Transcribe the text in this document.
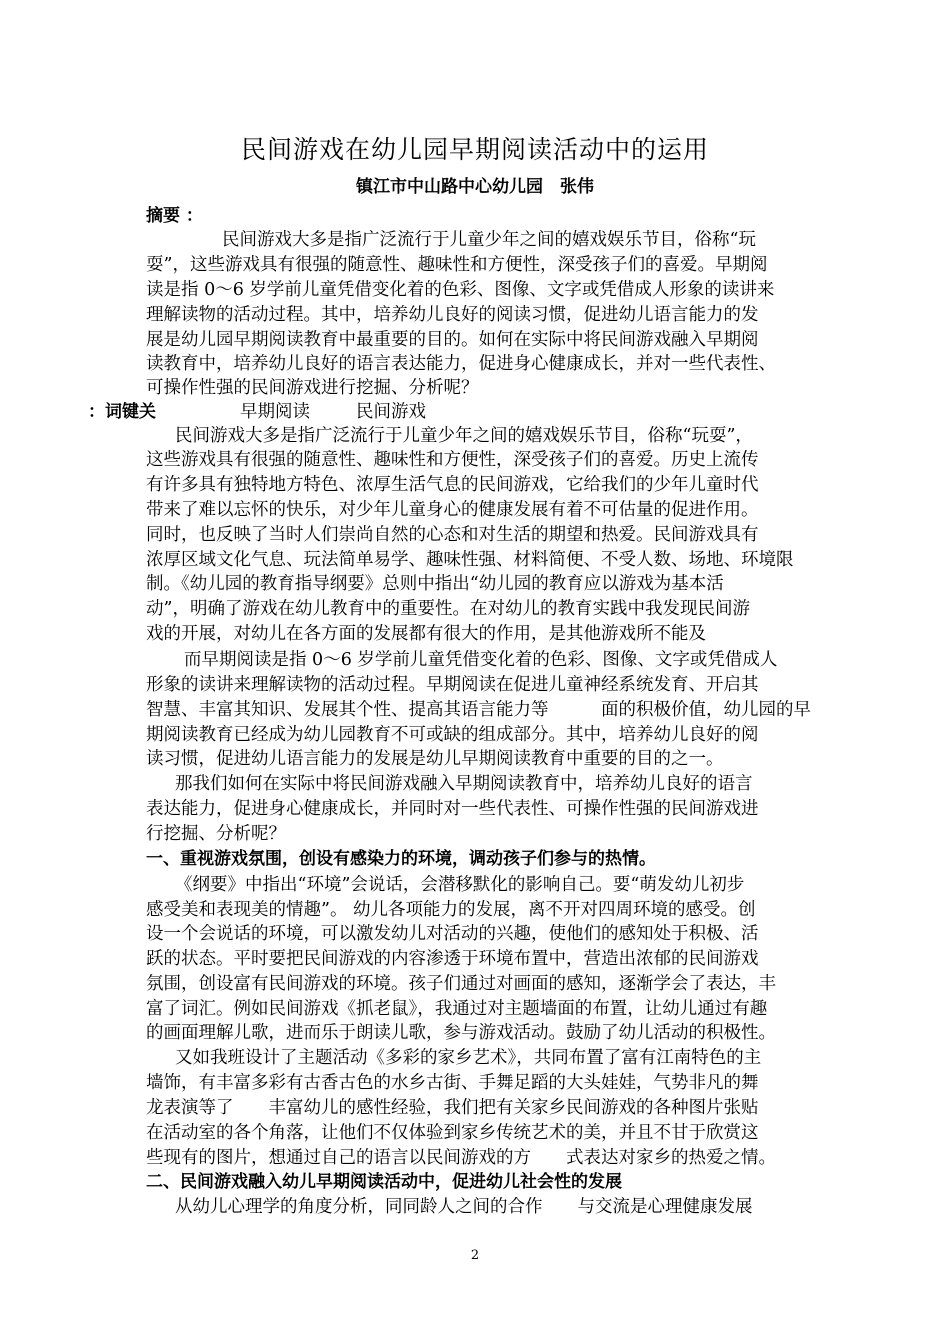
民间游戏在幼儿园早期阅读活动中的运用
镇江市中山路中心幼儿园　张伟
摘要 ：
民间游戏大多是指广泛流行于儿童少年之间的嬉戏娱乐节目，俗称“玩
耍”，这些游戏具有很强的随意性、趣味性和方便性，深受孩子们的喜爱。早期阅
读是指 0～6 岁学前儿童凭借变化着的色彩、图像、文字或凭借成人形象的读讲来
理解读物的活动过程。其中，培养幼儿良好的阅读习惯，促进幼儿语言能力的发
展是幼儿园早期阅读教育中最重要的目的。如何在实际中将民间游戏融入早期阅
读教育中，培养幼儿良好的语言表达能力，促进身心健康成长，并对一些代表性、
可操作性强的民间游戏进行挖掘、分析呢？
：词键关	早期阅读	民间游戏
民间游戏大多是指广泛流行于儿童少年之间的嬉戏娱乐节目，俗称“玩耍”，
这些游戏具有很强的随意性、趣味性和方便性，深受孩子们的喜爱。历史上流传
有许多具有独特地方特色、浓厚生活气息的民间游戏，它给我们的少年儿童时代
带来了难以忘怀的快乐，对少年儿童身心的健康发展有着不可估量的促进作用。
同时，也反映了当时人们崇尚自然的心态和对生活的期望和热爱。民间游戏具有
浓厚区域文化气息、玩法简单易学、趣味性强、材料简便、不受人数、场地、环境限
制。《幼儿园的教育指导纲要》总则中指出“幼儿园的教育应以游戏为基本活
动”，明确了游戏在幼儿教育中的重要性。在对幼儿的教育实践中我发现民间游
戏的开展，对幼儿在各方面的发展都有很大的作用，是其他游戏所不能及
而早期阅读是指 0～6 岁学前儿童凭借变化着的色彩、图像、文字或凭借成人
形象的读讲来理解读物的活动过程。早期阅读在促进儿童神经系统发育、开启其
智慧、丰富其知识、发展其个性、提高其语言能力等　　　面的积极价值，幼儿园的早
期阅读教育已经成为幼儿园教育不可或缺的组成部分。其中，培养幼儿良好的阅
读习惯，促进幼儿语言能力的发展是幼儿早期阅读教育中重要的目的之一。
那我们如何在实际中将民间游戏融入早期阅读教育中，培养幼儿良好的语言
表达能力，促进身心健康成长，并同时对一些代表性、可操作性强的民间游戏进
行挖掘、分析呢？
一、重视游戏氛围，创设有感染力的环境，调动孩子们参与的热情。
《纲要》中指出“环境”会说话，会潜移默化的影响自己。要“萌发幼儿初步
感受美和表现美的情趣”。 幼儿各项能力的发展，离不开对四周环境的感受。创
设一个会说话的环境，可以激发幼儿对活动的兴趣，使他们的感知处于积极、活
跃的状态。平时要把民间游戏的内容渗透于环境布置中，营造出浓郁的民间游戏
氛围，创设富有民间游戏的环境。孩子们通过对画面的感知，逐渐学会了表达，丰
富了词汇。例如民间游戏《抓老鼠》，我通过对主题墙面的布置，让幼儿通过有趣
的画面理解儿歌，进而乐于朗读儿歌，参与游戏活动。鼓励了幼儿活动的积极性。
又如我班设计了主题活动《多彩的家乡艺术》，共同布置了富有江南特色的主
墙饰，有丰富多彩有古香古色的水乡古街、手舞足蹈的大头娃娃，气势非凡的舞
龙表演等了　　丰富幼儿的感性经验，我们把有关家乡民间游戏的各种图片张贴
在活动室的各个角落，让他们不仅体验到家乡传统艺术的美，并且不甘于欣赏这
些现有的图片，想通过自己的语言以民间游戏的方　　式表达对家乡的热爱之情。
二、民间游戏融入幼儿早期阅读活动中，促进幼儿社会性的发展
从幼儿心理学的角度分析，同同龄人之间的合作　　与交流是心理健康发展
2
